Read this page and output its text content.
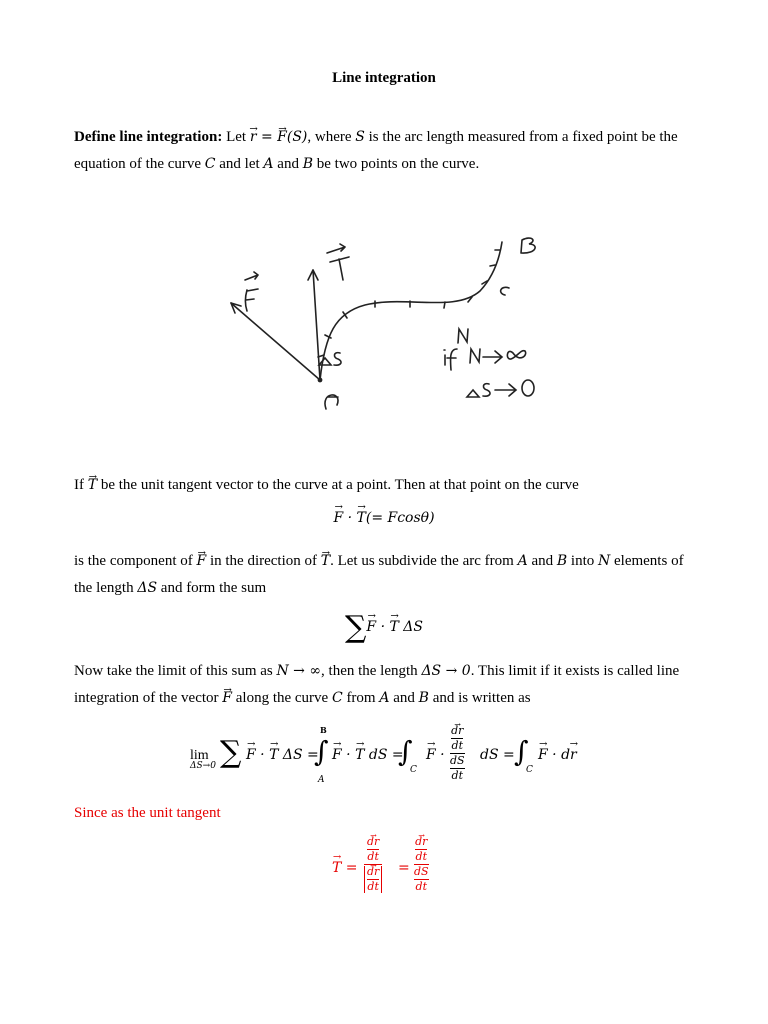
Line integration
Define line integration: Let → r = → F(S), where S is the arc length measured from a fixed point be the equation of the curve C and let A and B be two points on the curve.
If → T be the unit tangent vector to the curve at a point. Then at that point on the curve
→ F · → T(= Fcosθ)
is the component of → F in the direction of → T. Let us subdivide the arc from A and B into N elements of the length ΔS and form the sum
∑→ F · → T ΔS
Now take the limit of this sum as N → ∞, then the length ΔS → 0. This limit if it exists is called line integration of the vector → F along the curve C from A and B and is written as
lim
ΔS→0 ∑
→ F · → T ΔS =
∫
B
A
→ F · → T dS =
∫
C
→ F ·
→ $\frac{dr}{dt}$
$\frac{dS}{dt}$ dS = ∫
C
→ F · d→ r
Since as the unit tangent
→ T =
→ $\frac{dr}{dt}$
→ $\frac{dr}{dt}$ =
→ $\frac{dr}{dt}$
$\frac{dS}{dt}$
